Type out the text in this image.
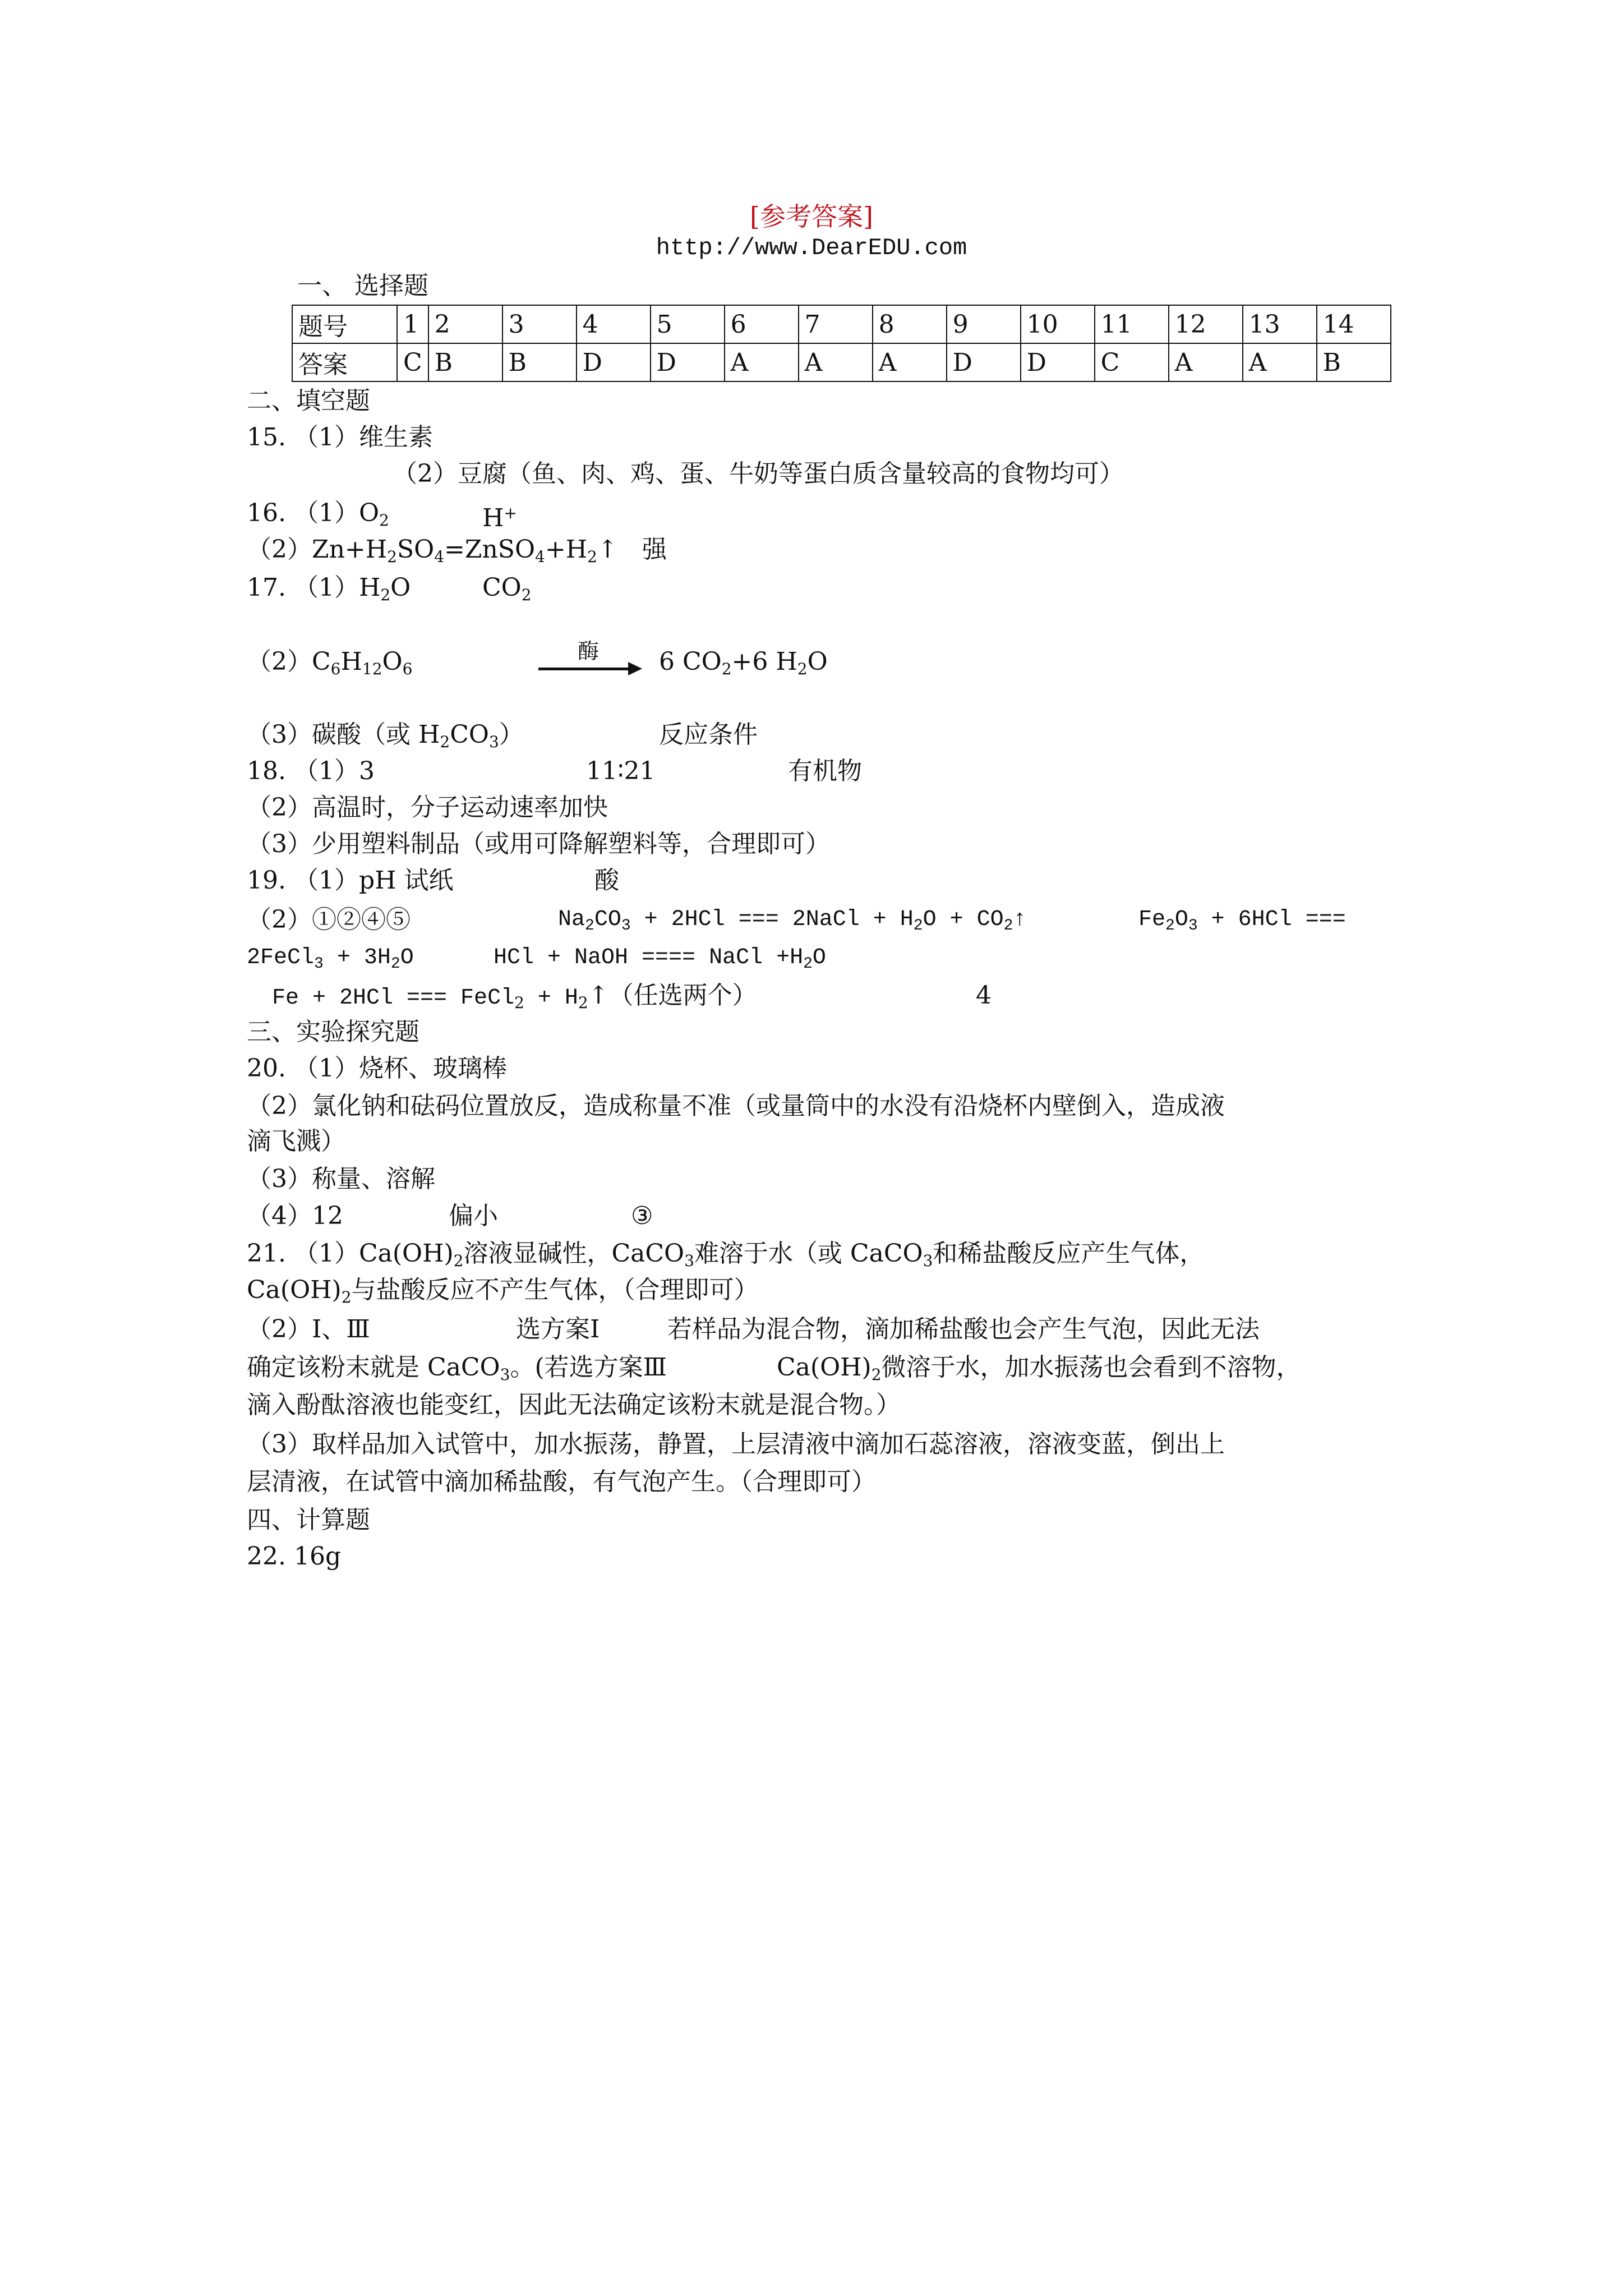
[参考答案]
http://www.DearEDU.com
一、 选择题
题号	1	2	3	4	5	6	7	8	9	10	11	12	13	14
答案	C	B	B	D	D	A	A	A	D	D	C	A	A	B
二、填空题
15. （1）维生素
（2）豆腐（鱼、肉、鸡、蛋、牛奶等蛋白质含量较高的食物均可）
16. $(1)O_2$	H+
$(2)Zn+H_2SO_4=ZnSO_4+H_2↑$ 强
17. $(1)H_2O$	$CO_2$
$(2)C_6H_{12}O_6$
酶 6 $CO_2+6$ $H_2O$
（3）碳酸（或 $H_2CO_3$）	反应条件
18. （1）3	11∶21	有机物
（2）高温时，分子运动速率加快
（3）少用塑料制品（或用可降解塑料等，合理即可）
19. （1）pH 试纸	酸
（2）①②④⑤	$Na_2CO_3 + 2HCl$ === 2NaCl + $H_2O$ + $CO_2↑$	$Fe_2O_3 + 6HCl$ ===
2FeCl$_3$ + $3H_2O$	HCl + NaOH ==== NaCl $+H_2O$
Fe + 2HCl === FeCl$_2$ + $H_2↑$（任选两个）	4
三、实验探究题
20. （1）烧杯、玻璃棒
（2）氯化钠和砝码位置放反，造成称量不准（或量筒中的水没有沿烧杯内壁倒入，造成液
滴飞溅）
（3）称量、溶解
（4）12	偏小	③
21. $(1)Ca(OH)_2$溶液显碱性，CaCO$_3$难溶于水（或 CaCO$_3$和稀盐酸反应产生气体，
$Ca(OH)_2$与盐酸反应不产生气体，（合理即可）
（2）Ⅰ、Ⅲ	选方案Ⅰ	若样品为混合物，滴加稀盐酸也会产生气泡，因此无法
确定该粉末就是 CaCO$_3$。(若选方案Ⅲ	$Ca(OH)_2$微溶于水，加水振荡也会看到不溶物，
滴入酚酞溶液也能变红，因此无法确定该粉末就是混合物。）
（3）取样品加入试管中，加水振荡，静置，上层清液中滴加石蕊溶液，溶液变蓝，倒出上
层清液，在试管中滴加稀盐酸，有气泡产生。（合理即可）
四、计算题
22. 16g
